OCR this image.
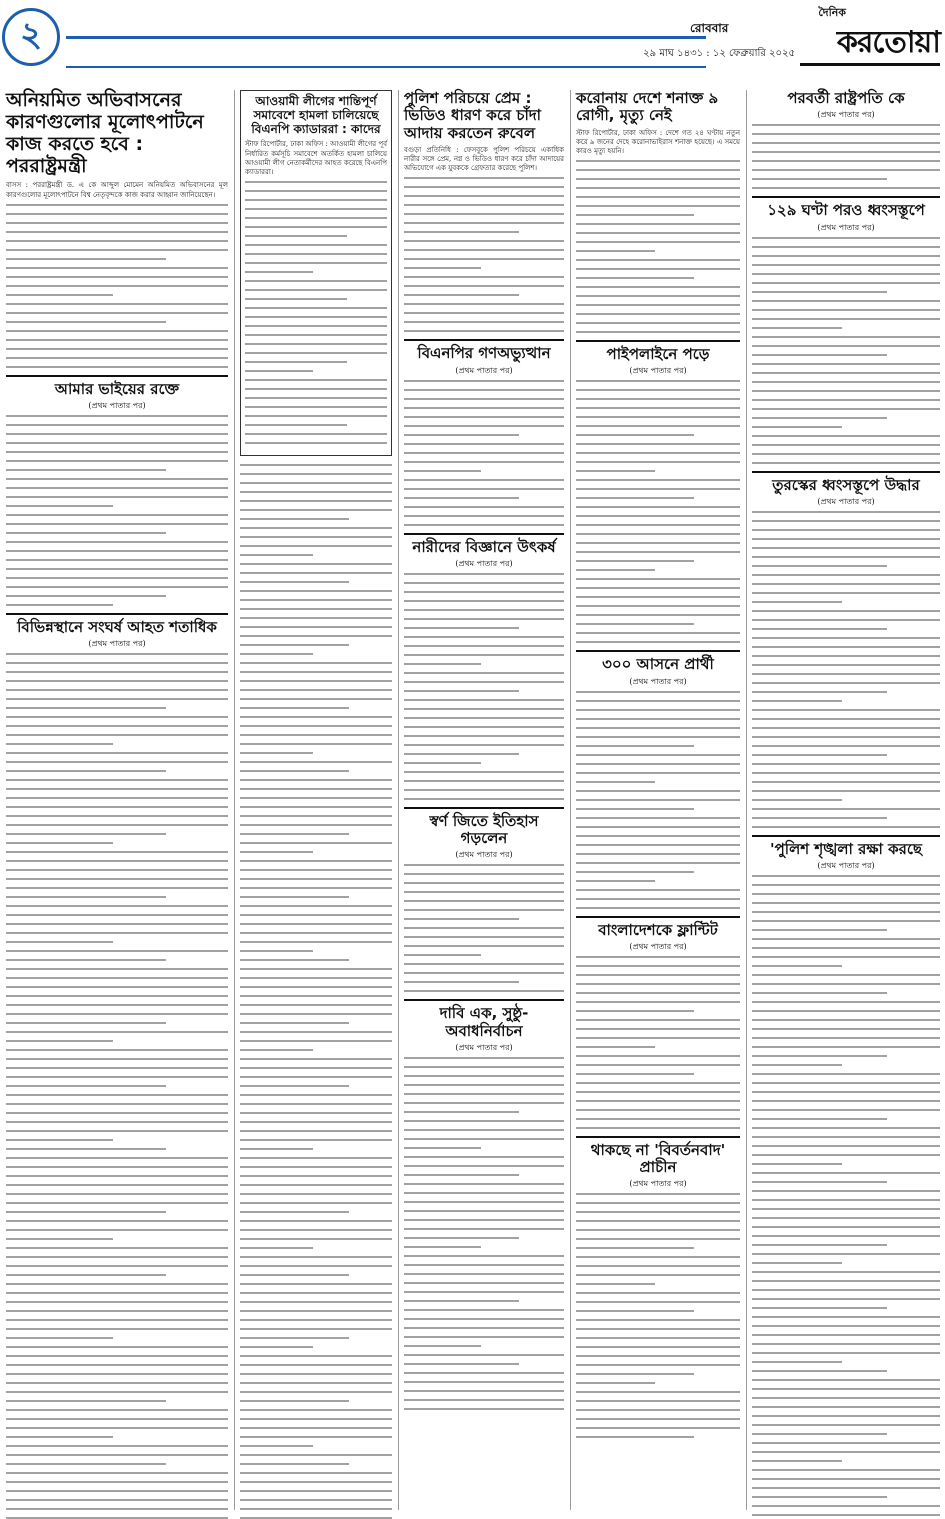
২	রোববার
২৯ মাঘ ১৪৩১ : ১২ ফেব্রুয়ারি ২০২৫
দৈনিক
করতোয়া
অনিয়মিত অভিবাসনের কারণগুলোর মূলোৎপাটনে কাজ করতে হবে : পররাষ্ট্রমন্ত্রী
বাসস : পররাষ্ট্রমন্ত্রী ড. এ কে আব্দুল মোমেন অনিয়মিত অভিবাসনের মূল কারণগুলোর মূলোৎপাটনে বিশ্ব নেতৃবৃন্দকে কাজ করার আহ্বান জানিয়েছেন।
আমার ভাইয়ের রক্তে
(প্রথম পাতার পর)
বিভিন্নস্থানে সংঘর্ষ আহত শতাধিক
(প্রথম পাতার পর)
আওয়ামী লীগের শান্তিপূর্ণ সমাবেশে হামলা চালিয়েছে বিএনপি ক্যাডাররা : কাদের
স্টাফ রিপোর্টার, ঢাকা অফিস : আওয়ামী লীগের পূর্ব নির্ধারিত কর্মসূচি সমাবেশে অতর্কিত হামলা চালিয়ে আওয়ামী লীগ নেতাকর্মীদের আহত করেছে বিএনপি ক্যাডাররা।
পুলিশ পরিচয়ে প্রেম : ভিডিও ধারণ করে চাঁদা আদায় করতেন রুবেল
বগুড়া প্রতিনিধি : ফেসবুকে পুলিশ পরিচয়ে একাধিক নারীর সঙ্গে প্রেম, নগ্ন ও ভিডিও ধারণ করে চাঁদা আদায়ের অভিযোগে এক যুবককে গ্রেফতার করেছে পুলিশ।
বিএনপির গণঅভ্যুত্থান
(প্রথম পাতার পর)
নারীদের বিজ্ঞানে উৎকর্ষ
(প্রথম পাতার পর)
স্বর্ণ জিতে ইতিহাস গড়লেন
(প্রথম পাতার পর)
দাবি এক, সুষ্ঠু-অবাধনির্বাচন
(প্রথম পাতার পর)
করোনায় দেশে শনাক্ত ৯ রোগী, মৃত্যু নেই
স্টাফ রিপোর্টার, ঢাকা অফিস : দেশে গত ২৪ ঘণ্টায় নতুন করে ৯ জনের দেহে করোনাভাইরাস শনাক্ত হয়েছে। এ সময়ে কারও মৃত্যু হয়নি।
পাইপলাইনে পড়ে
(প্রথম পাতার পর)
৩০০ আসনে প্রার্থী
(প্রথম পাতার পর)
বাংলাদেশকে ফ্লান্টিট
(প্রথম পাতার পর)
থাকছে না 'বিবর্তনবাদ' প্রাচীন
(প্রথম পাতার পর)
পরবর্তী রাষ্ট্রপতি কে
(প্রথম পাতার পর)
১২৯ ঘণ্টা পরও ধ্বংসস্তূপে
(প্রথম পাতার পর)
তুরস্কের ধ্বংসস্তূপে উদ্ধার
(প্রথম পাতার পর)
'পুলিশ শৃঙ্খলা রক্ষা করছে
(প্রথম পাতার পর)
